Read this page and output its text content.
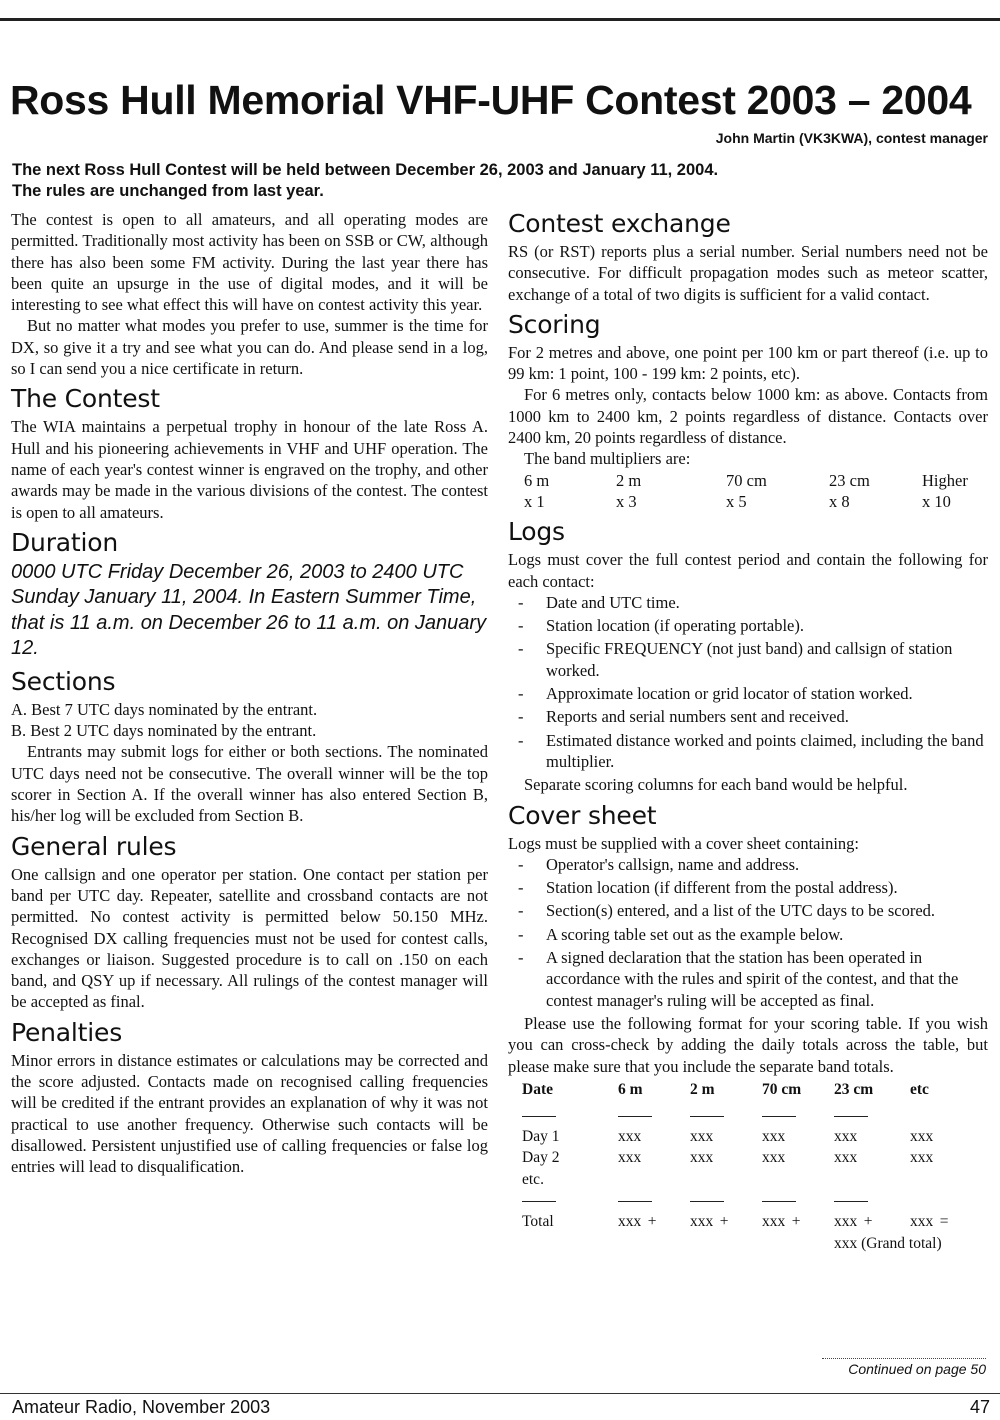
Ross Hull Memorial VHF-UHF Contest 2003 – 2004
John Martin (VK3KWA), contest manager
The next Ross Hull Contest will be held between December 26, 2003 and January 11, 2004.
The rules are unchanged from last year.

The contest is open to all amateurs, and all operating modes are permitted. Traditionally most activity has been on SSB or CW, although there has also been some FM activity. During the last year there has been quite an upsurge in the use of digital modes, and it will be interesting to see what effect this will have on contest activity this year.

But no matter what modes you prefer to use, summer is the time for DX, so give it a try and see what you can do. And please send in a log, so I can send you a nice certificate in return.

The Contest

The WIA maintains a perpetual trophy in honour of the late Ross A. Hull and his pioneering achievements in VHF and UHF operation. The name of each year's contest winner is engraved on the trophy, and other awards may be made in the various divisions of the contest. The contest is open to all amateurs.

Duration

0000 UTC Friday December 26, 2003 to 2400 UTC Sunday January 11, 2004. In Eastern Summer Time, that is 11 a.m. on December 26 to 11 a.m. on January 12.

Sections

A. Best 7 UTC days nominated by the entrant.

B. Best 2 UTC days nominated by the entrant.

Entrants may submit logs for either or both sections. The nominated UTC days need not be consecutive. The overall winner will be the top scorer in Section A. If the overall winner has also entered Section B, his/her log will be excluded from Section B.

General rules

One callsign and one operator per station. One contact per station per band per UTC day. Repeater, satellite and crossband contacts are not permitted. No contest activity is permitted below 50.150 MHz. Recognised DX calling frequencies must not be used for contest calls, exchanges or liaison. Suggested procedure is to call on .150 on each band, and QSY up if necessary. All rulings of the contest manager will be accepted as final.

Penalties

Minor errors in distance estimates or calculations may be corrected and the score adjusted. Contacts made on recognised calling frequencies will be credited if the entrant provides an explanation of why it was not practical to use another frequency. Otherwise such contacts will be disallowed. Persistent unjustified use of calling frequencies or false log entries will lead to disqualification.

Contest exchange

RS (or RST) reports plus a serial number. Serial numbers need not be consecutive. For difficult propagation modes such as meteor scatter, exchange of a total of two digits is sufficient for a valid contact.

Scoring

For 2 metres and above, one point per 100 km or part thereof (i.e. up to 99 km: 1 point, 100 - 199 km: 2 points, etc).

For 6 metres only, contacts below 1000 km: as above. Contacts from 1000 km to 2400 km, 2 points regardless of distance. Contacts over 2400 km, 20 points regardless of distance.

The band multipliers are:

6 m	2 m	70 cm	23 cm	Higher
x 1	x 3	x 5	x 8	x 10
Logs

Logs must cover the full contest period and contain the following for each contact:

- Date and UTC time.
- Station location (if operating portable).
- Specific FREQUENCY (not just band) and callsign of station worked.
- Approximate location or grid locator of station worked.
- Reports and serial numbers sent and received.
- Estimated distance worked and points claimed, including the band multiplier.

Separate scoring columns for each band would be helpful.

Cover sheet

Logs must be supplied with a cover sheet containing:

- Operator's callsign, name and address.
- Station location (if different from the postal address).
- Section(s) entered, and a list of the UTC days to be scored.
- A scoring table set out as the example below.
- A signed declaration that the station has been operated in accordance with the rules and spirit of the contest, and that the contest manager's ruling will be accepted as final.

Please use the following format for your scoring table. If you wish you can cross-check by adding the daily totals across the table, but please make sure that you include the separate band totals.

Date	6 m	2 m	70 cm	23 cm	etc

Day 1	xxx	xxx	xxx	xxx	xxx
Day 2	xxx	xxx	xxx	xxx	xxx
etc.					

Total	xxx +	xxx +	xxx +	xxx +	xxx =
				xxx (Grand total)	
Continued on page 50
Amateur Radio, November 2003	47
